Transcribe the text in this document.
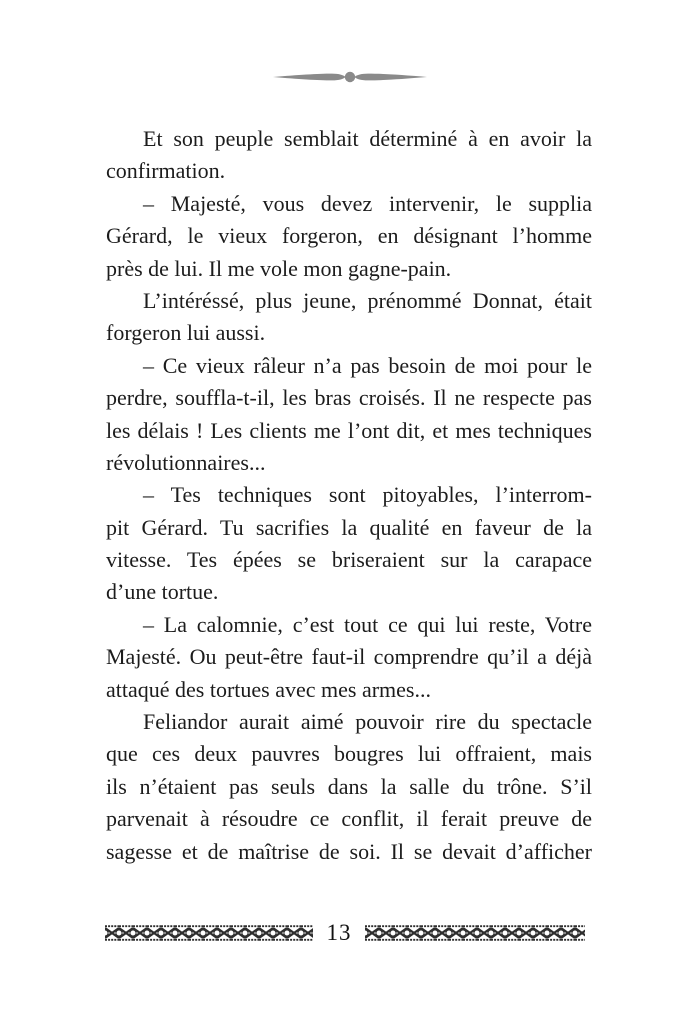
Et son peuple semblait déterminé à en avoir la
confirmation.
– Majesté, vous devez intervenir, le supplia
Gérard, le vieux forgeron, en désignant l’homme
près de lui. Il me vole mon gagne-pain.
L’intéréssé, plus jeune, prénommé Donnat, était
forgeron lui aussi.
– Ce vieux râleur n’a pas besoin de moi pour le
perdre, souffla-t-il, les bras croisés. Il ne respecte pas
les délais ! Les clients me l’ont dit, et mes techniques
révolutionnaires...
– Tes techniques sont pitoyables, l’interrom-
pit Gérard. Tu sacrifies la qualité en faveur de la
vitesse. Tes épées se briseraient sur la carapace
d’une tortue.
– La calomnie, c’est tout ce qui lui reste, Votre
Majesté. Ou peut-être faut-il comprendre qu’il a déjà
attaqué des tortues avec mes armes...
Feliandor aurait aimé pouvoir rire du spectacle
que ces deux pauvres bougres lui offraient, mais
ils n’étaient pas seuls dans la salle du trône. S’il
parvenait à résoudre ce conflit, il ferait preuve de
sagesse et de maîtrise de soi. Il se devait d’afficher
13
